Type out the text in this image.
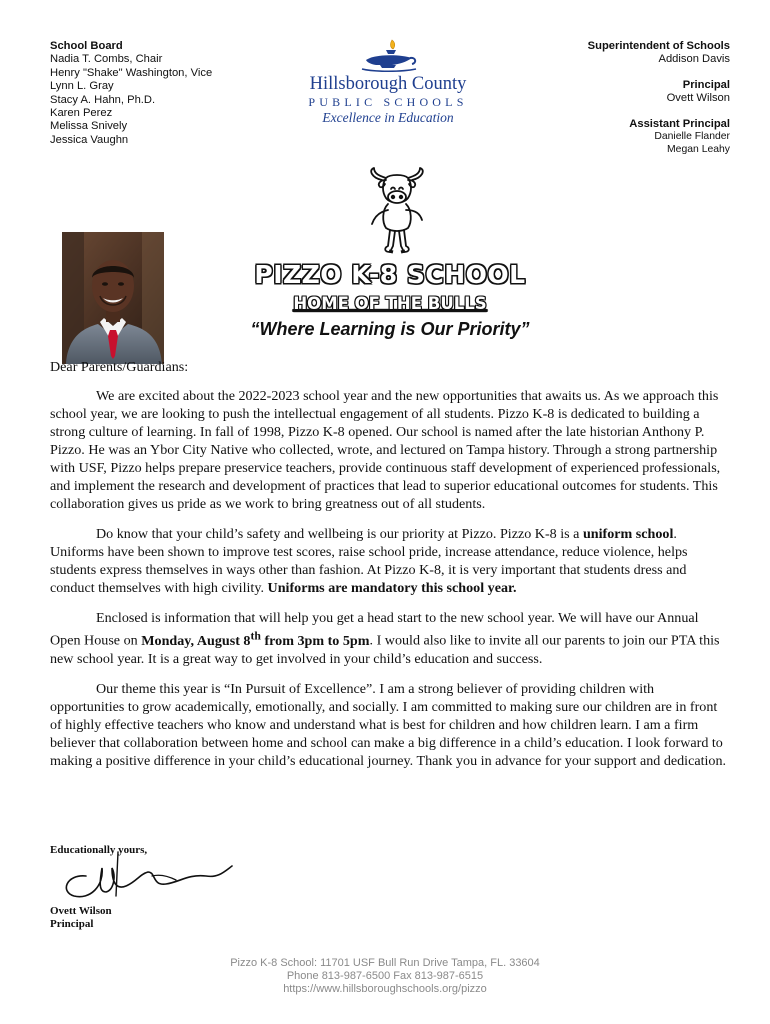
School Board
Nadia T. Combs, Chair
Henry "Shake" Washington, Vice
Lynn L. Gray
Stacy A. Hahn, Ph.D.
Karen Perez
Melissa Snively
Jessica Vaughn
Hillsborough County
PUBLIC SCHOOLS
Excellence in Education
Superintendent of Schools
Addison Davis
Principal
Ovett Wilson
Assistant Principal
Danielle Flander
Megan Leahy
PIZZO K-8 SCHOOL
HOME OF THE BULLS
“Where Learning is Our Priority”

Dear Parents/Guardians:

We are excited about the 2022-2023 school year and the new opportunities that awaits us. As we approach this school year, we are looking to push the intellectual engagement of all students. Pizzo K-8 is dedicated to building a strong culture of learning. In fall of 1998, Pizzo K-8 opened. Our school is named after the late historian Anthony P. Pizzo. He was an Ybor City Native who collected, wrote, and lectured on Tampa history. Through a strong partnership with USF, Pizzo helps prepare preservice teachers, provide continuous staff development of experienced professionals, and implement the research and development of practices that lead to superior educational outcomes for students. This collaboration gives us pride as we work to bring greatness out of all students.

Do know that your child’s safety and wellbeing is our priority at Pizzo. Pizzo K-8 is a uniform school. Uniforms have been shown to improve test scores, raise school pride, increase attendance, reduce violence, helps students express themselves in ways other than fashion. At Pizzo K-8, it is very important that students dress and conduct themselves with high civility. Uniforms are mandatory this school year.

Enclosed is information that will help you get a head start to the new school year. We will have our Annual Open House on Monday, August 8th from 3pm to 5pm. I would also like to invite all our parents to join our PTA this new school year. It is a great way to get involved in your child’s education and success.

Our theme this year is “In Pursuit of Excellence”. I am a strong believer of providing children with opportunities to grow academically, emotionally, and socially. I am committed to making sure our children are in front of highly effective teachers who know and understand what is best for children and how children learn. I am a firm believer that collaboration between home and school can make a big difference in a child’s education. I look forward to making a positive difference in your child’s educational journey. Thank you in advance for your support and dedication.

Educationally yours,
Ovett Wilson
Principal
Pizzo K-8 School: 11701 USF Bull Run Drive Tampa, FL. 33604
Phone 813-987-6500 Fax 813-987-6515
https://www.hillsboroughschools.org/pizzo
